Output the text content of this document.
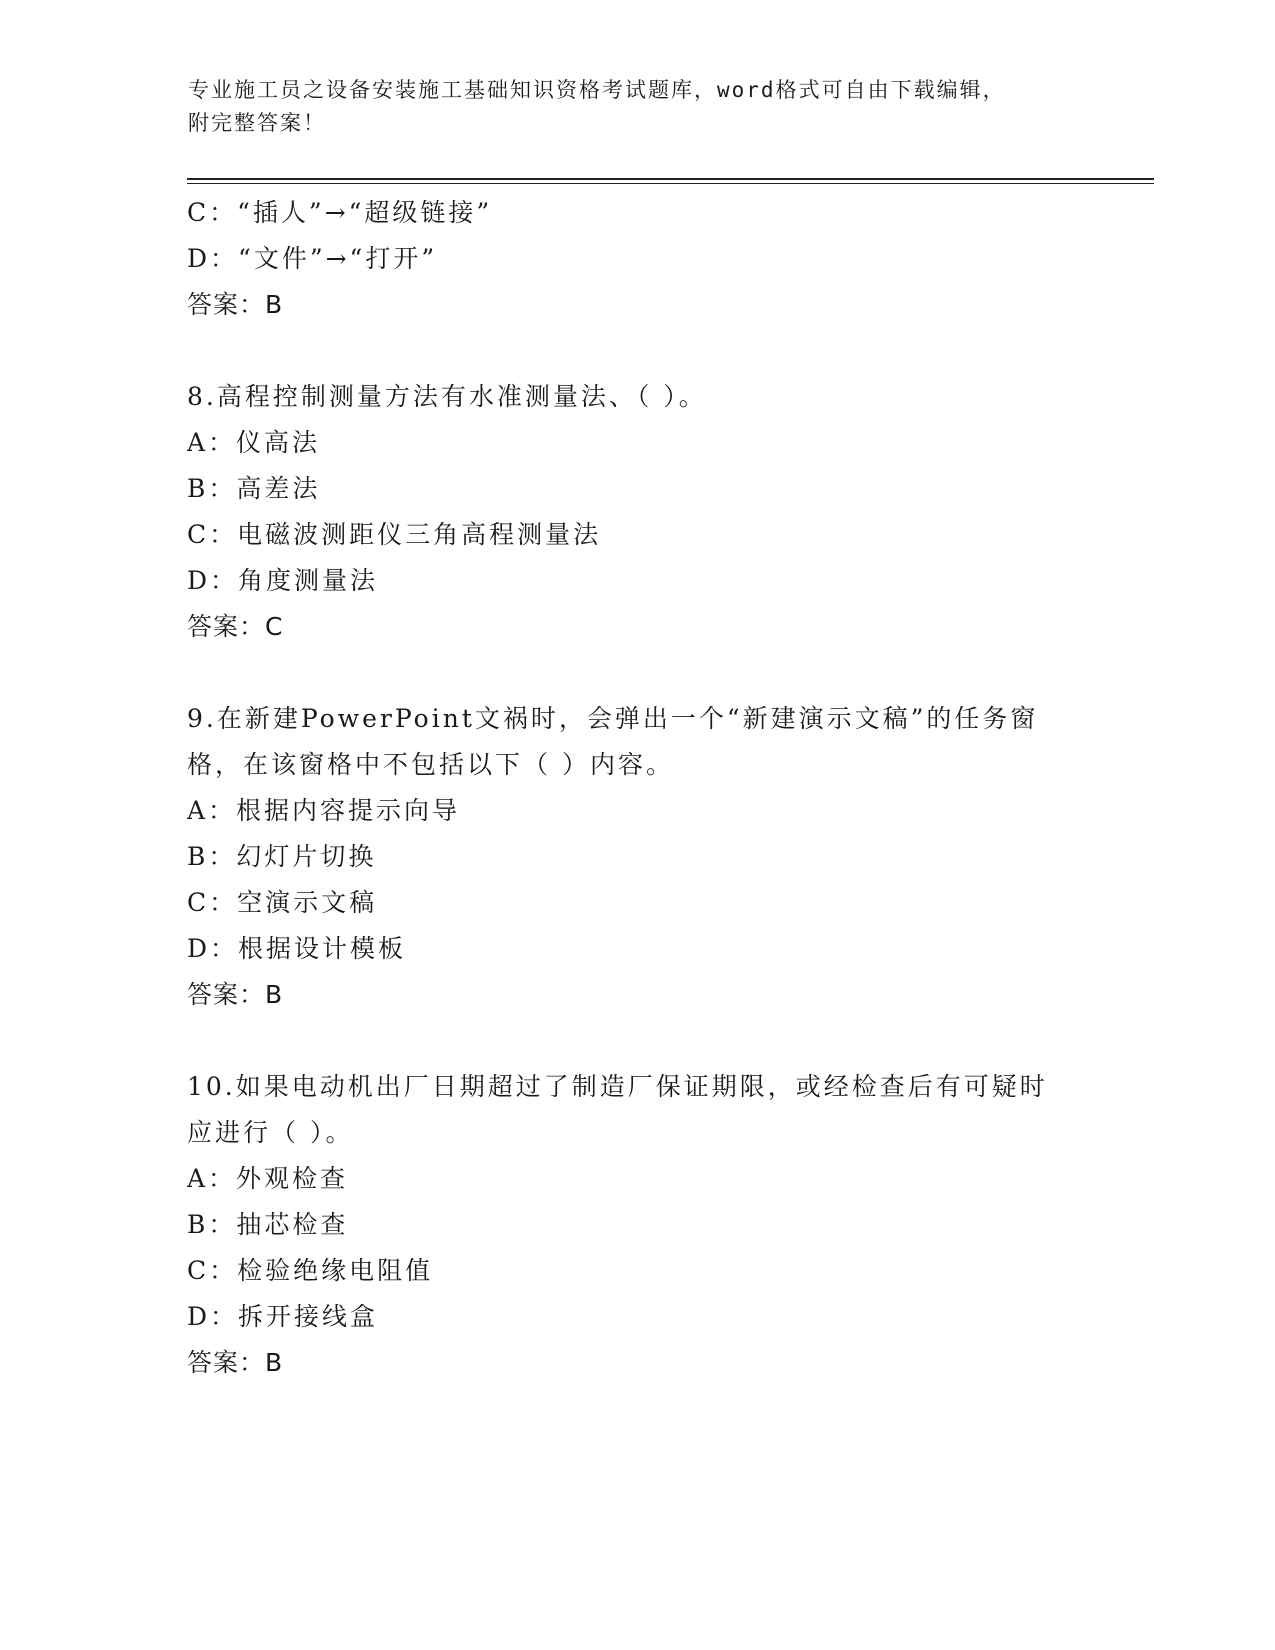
专业施工员之设备安装施工基础知识资格考试题库，word格式可自由下载编辑，
附完整答案！
C：“插人”→“超级链接”
D：“文件”→“打开”
答案：B
8.高程控制测量方法有水准测量法、（ ）。
A：仪高法
B：高差法
C：电磁波测距仪三角高程测量法
D：角度测量法
答案：C
9.在新建PowerPoint文祸时，会弹出一个“新建演示文稿”的任务窗
格，在该窗格中不包括以下（ ）内容。
A：根据内容提示向导
B：幻灯片切换
C：空演示文稿
D：根据设计模板
答案：B
10.如果电动机出厂日期超过了制造厂保证期限，或经检查后有可疑时
应进行（ ）。
A：外观检查
B：抽芯检查
C：检验绝缘电阻值
D：拆开接线盒
答案：B
